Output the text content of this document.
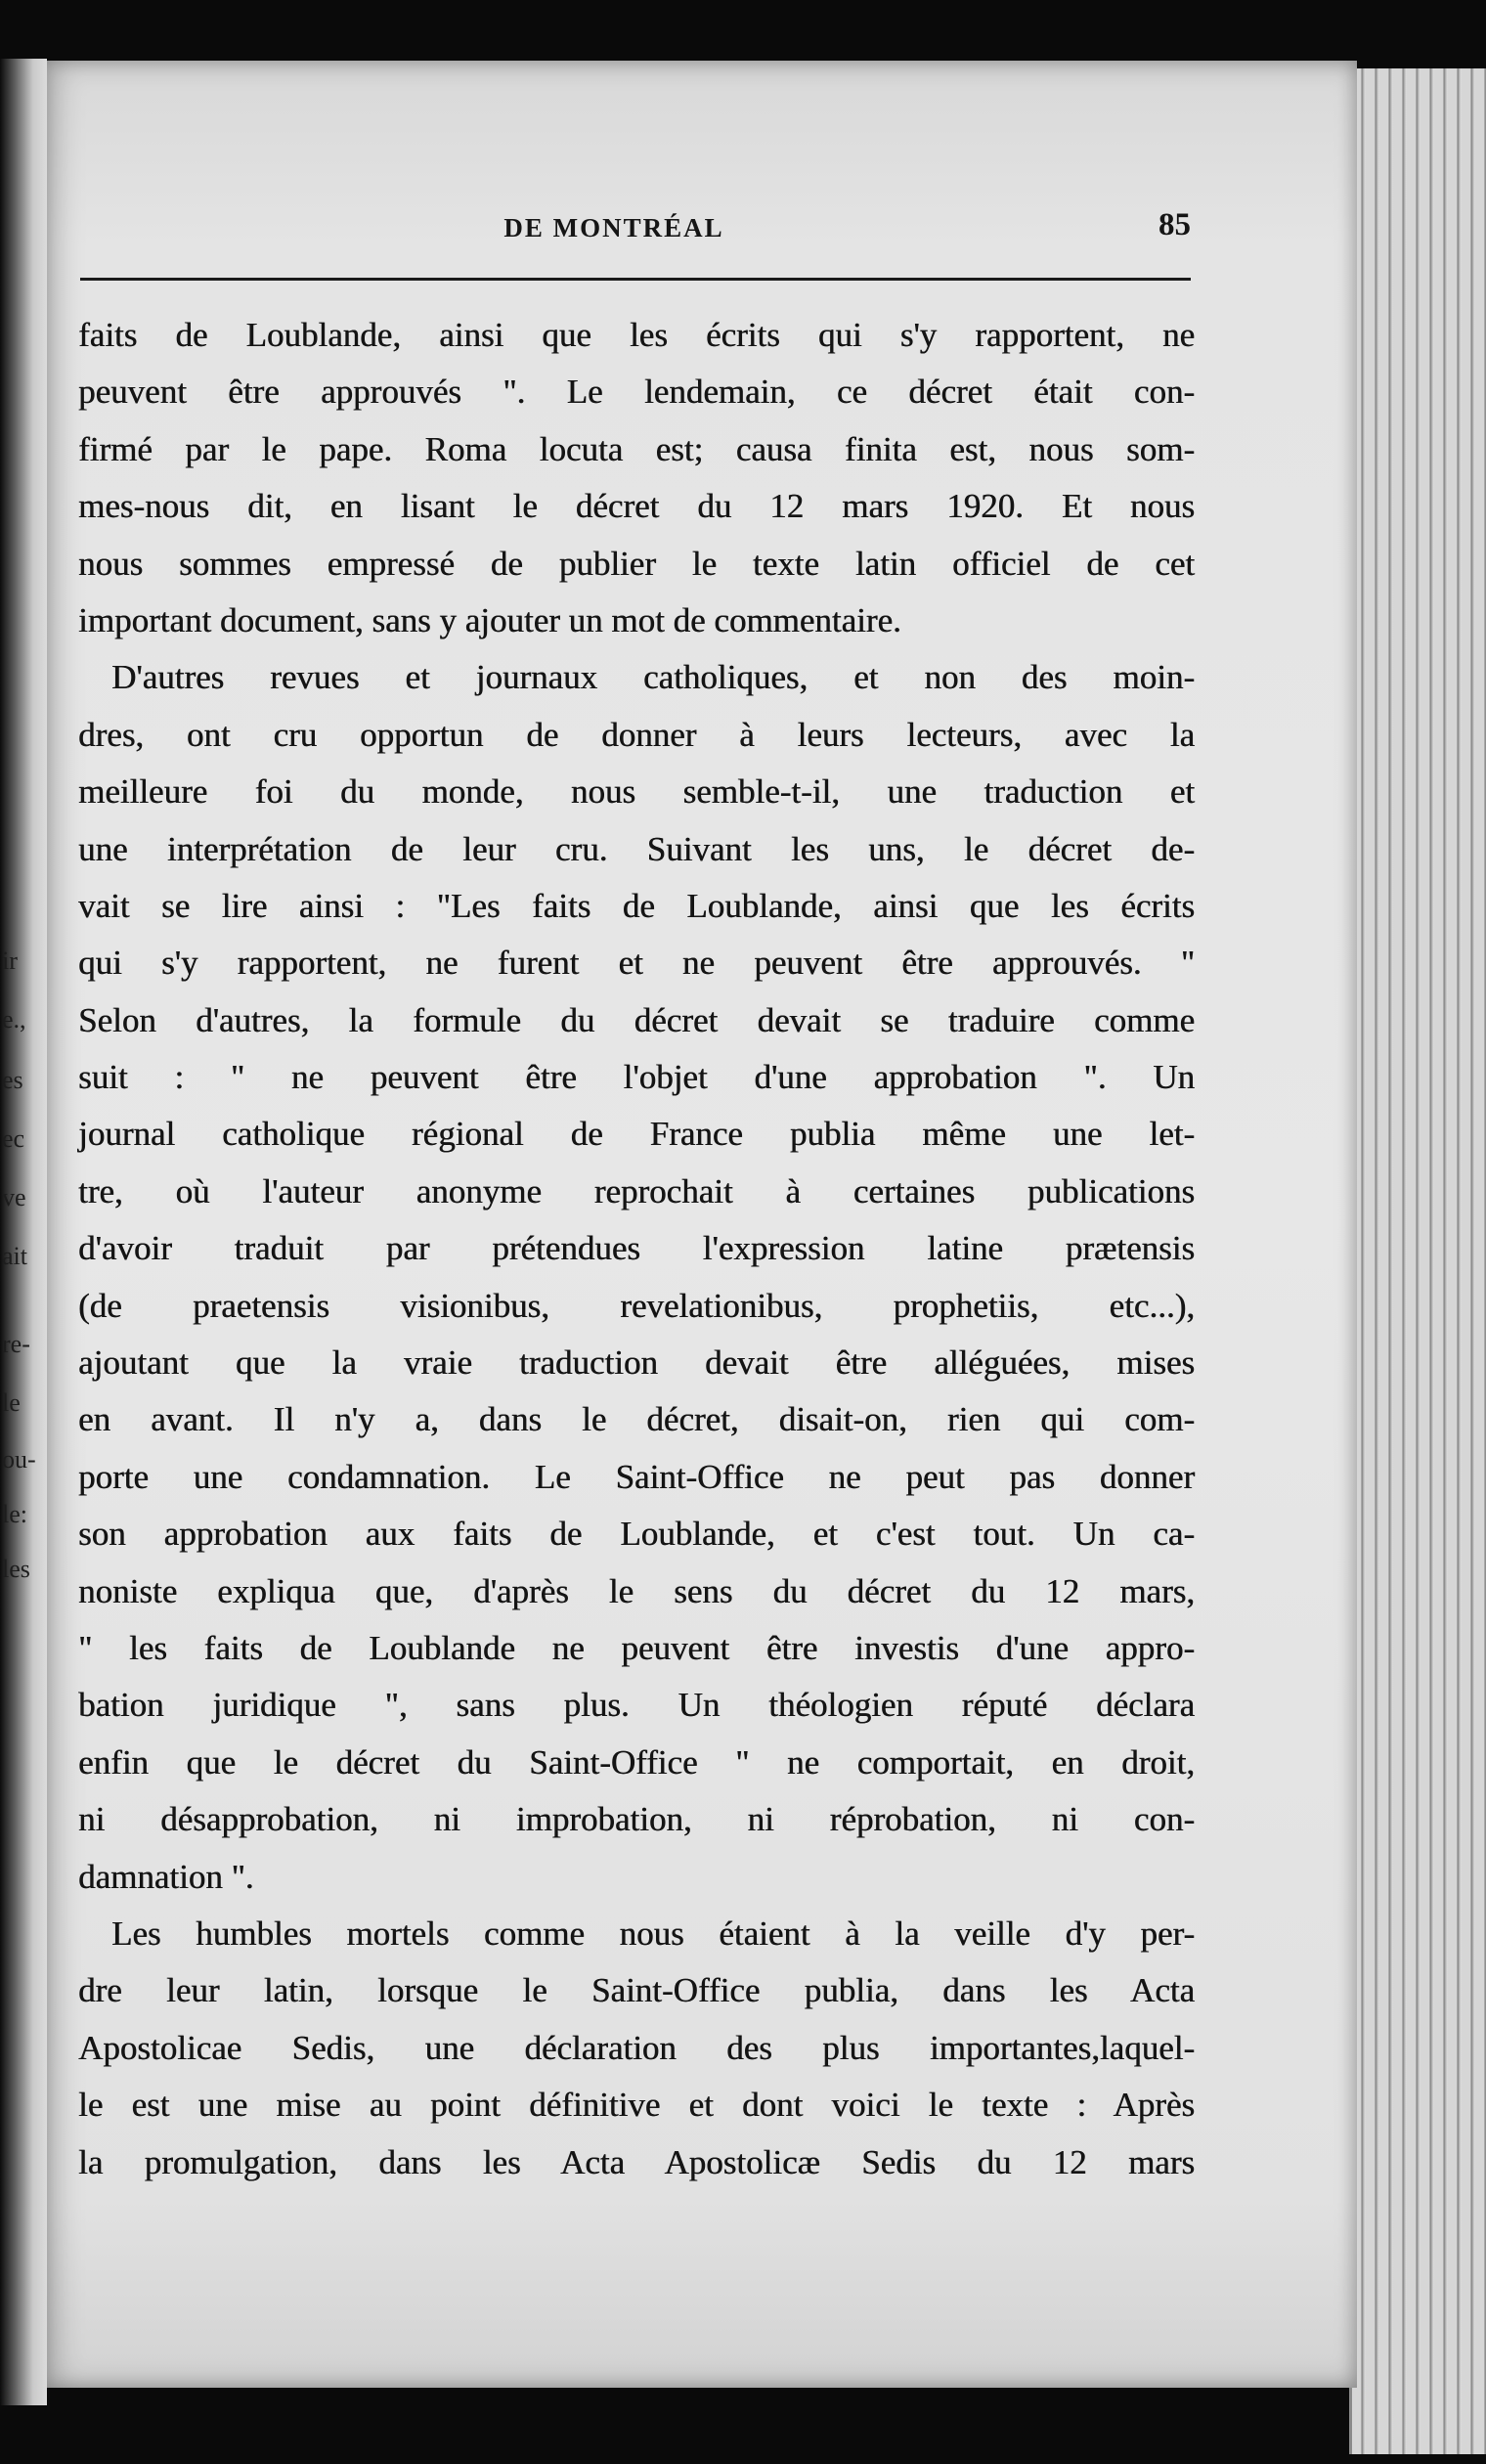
ir
e.,
es
ec
ve
ait
re-
le
ou-
le:
les
DE MONTRÉAL	85
faits de Loublande, ainsi que les écrits qui s'y rapportent, ne
peuvent être approuvés ". Le lendemain, ce décret était con-
firmé par le pape. Roma locuta est; causa finita est, nous som-
mes-nous dit, en lisant le décret du 12 mars 1920. Et nous
nous sommes empressé de publier le texte latin officiel de cet
important document, sans y ajouter un mot de commentaire.
D'autres revues et journaux catholiques, et non des moin-
dres, ont cru opportun de donner à leurs lecteurs, avec la
meilleure foi du monde, nous semble-t-il, une traduction et
une interprétation de leur cru. Suivant les uns, le décret de-
vait se lire ainsi : "Les faits de Loublande, ainsi que les écrits
qui s'y rapportent, ne furent et ne peuvent être approuvés. "
Selon d'autres, la formule du décret devait se traduire comme
suit : " ne peuvent être l'objet d'une approbation ". Un
journal catholique régional de France publia même une let-
tre, où l'auteur anonyme reprochait à certaines publications
d'avoir traduit par prétendues l'expression latine prætensis
(de praetensis visionibus, revelationibus, prophetiis, etc...),
ajoutant que la vraie traduction devait être alléguées, mises
en avant. Il n'y a, dans le décret, disait-on, rien qui com-
porte une condamnation. Le Saint-Office ne peut pas donner
son approbation aux faits de Loublande, et c'est tout. Un ca-
noniste expliqua que, d'après le sens du décret du 12 mars,
" les faits de Loublande ne peuvent être investis d'une appro-
bation juridique ", sans plus. Un théologien réputé déclara
enfin que le décret du Saint-Office " ne comportait, en droit,
ni désapprobation, ni improbation, ni réprobation, ni con-
damnation ".
Les humbles mortels comme nous étaient à la veille d'y per-
dre leur latin, lorsque le Saint-Office publia, dans les Acta
Apostolicae Sedis, une déclaration des plus importantes,laquel-
le est une mise au point définitive et dont voici le texte : Après
la promulgation, dans les Acta Apostolicæ Sedis du 12 mars
